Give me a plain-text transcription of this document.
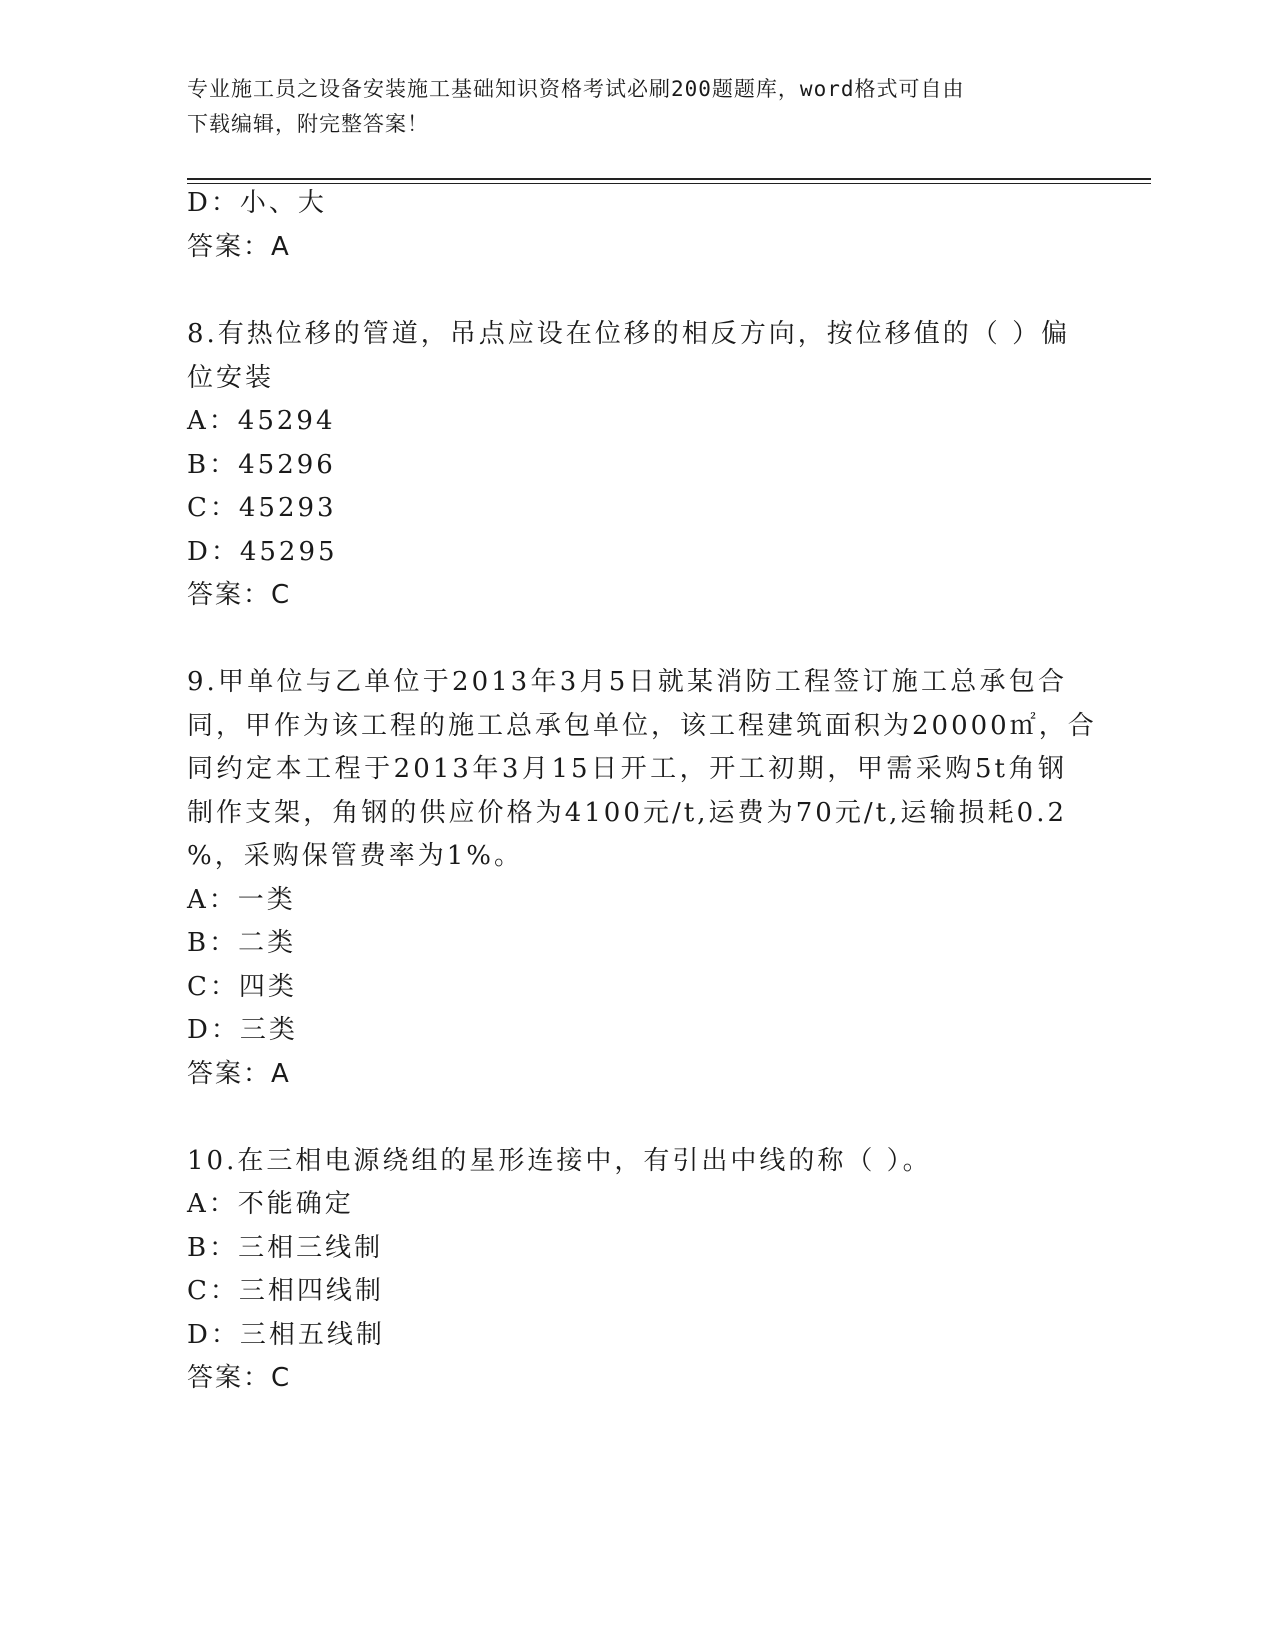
专业施工员之设备安装施工基础知识资格考试必刷200题题库，word格式可自由
下载编辑，附完整答案！
D：小、大
答案：A
8.有热位移的管道，吊点应设在位移的相反方向，按位移值的（ ）偏
位安装
A：45294
B：45296
C：45293
D：45295
答案：C
9.甲单位与乙单位于2013年3月5日就某消防工程签订施工总承包合
同，甲作为该工程的施工总承包单位，该工程建筑面积为20000㎡，合
同约定本工程于2013年3月15日开工，开工初期，甲需采购5t角钢
制作支架，角钢的供应价格为4100元/t,运费为70元/t,运输损耗0.2
%，采购保管费率为1%。
A：一类
B：二类
C：四类
D：三类
答案：A
10.在三相电源绕组的星形连接中，有引出中线的称（ ）。
A：不能确定
B：三相三线制
C：三相四线制
D：三相五线制
答案：C
